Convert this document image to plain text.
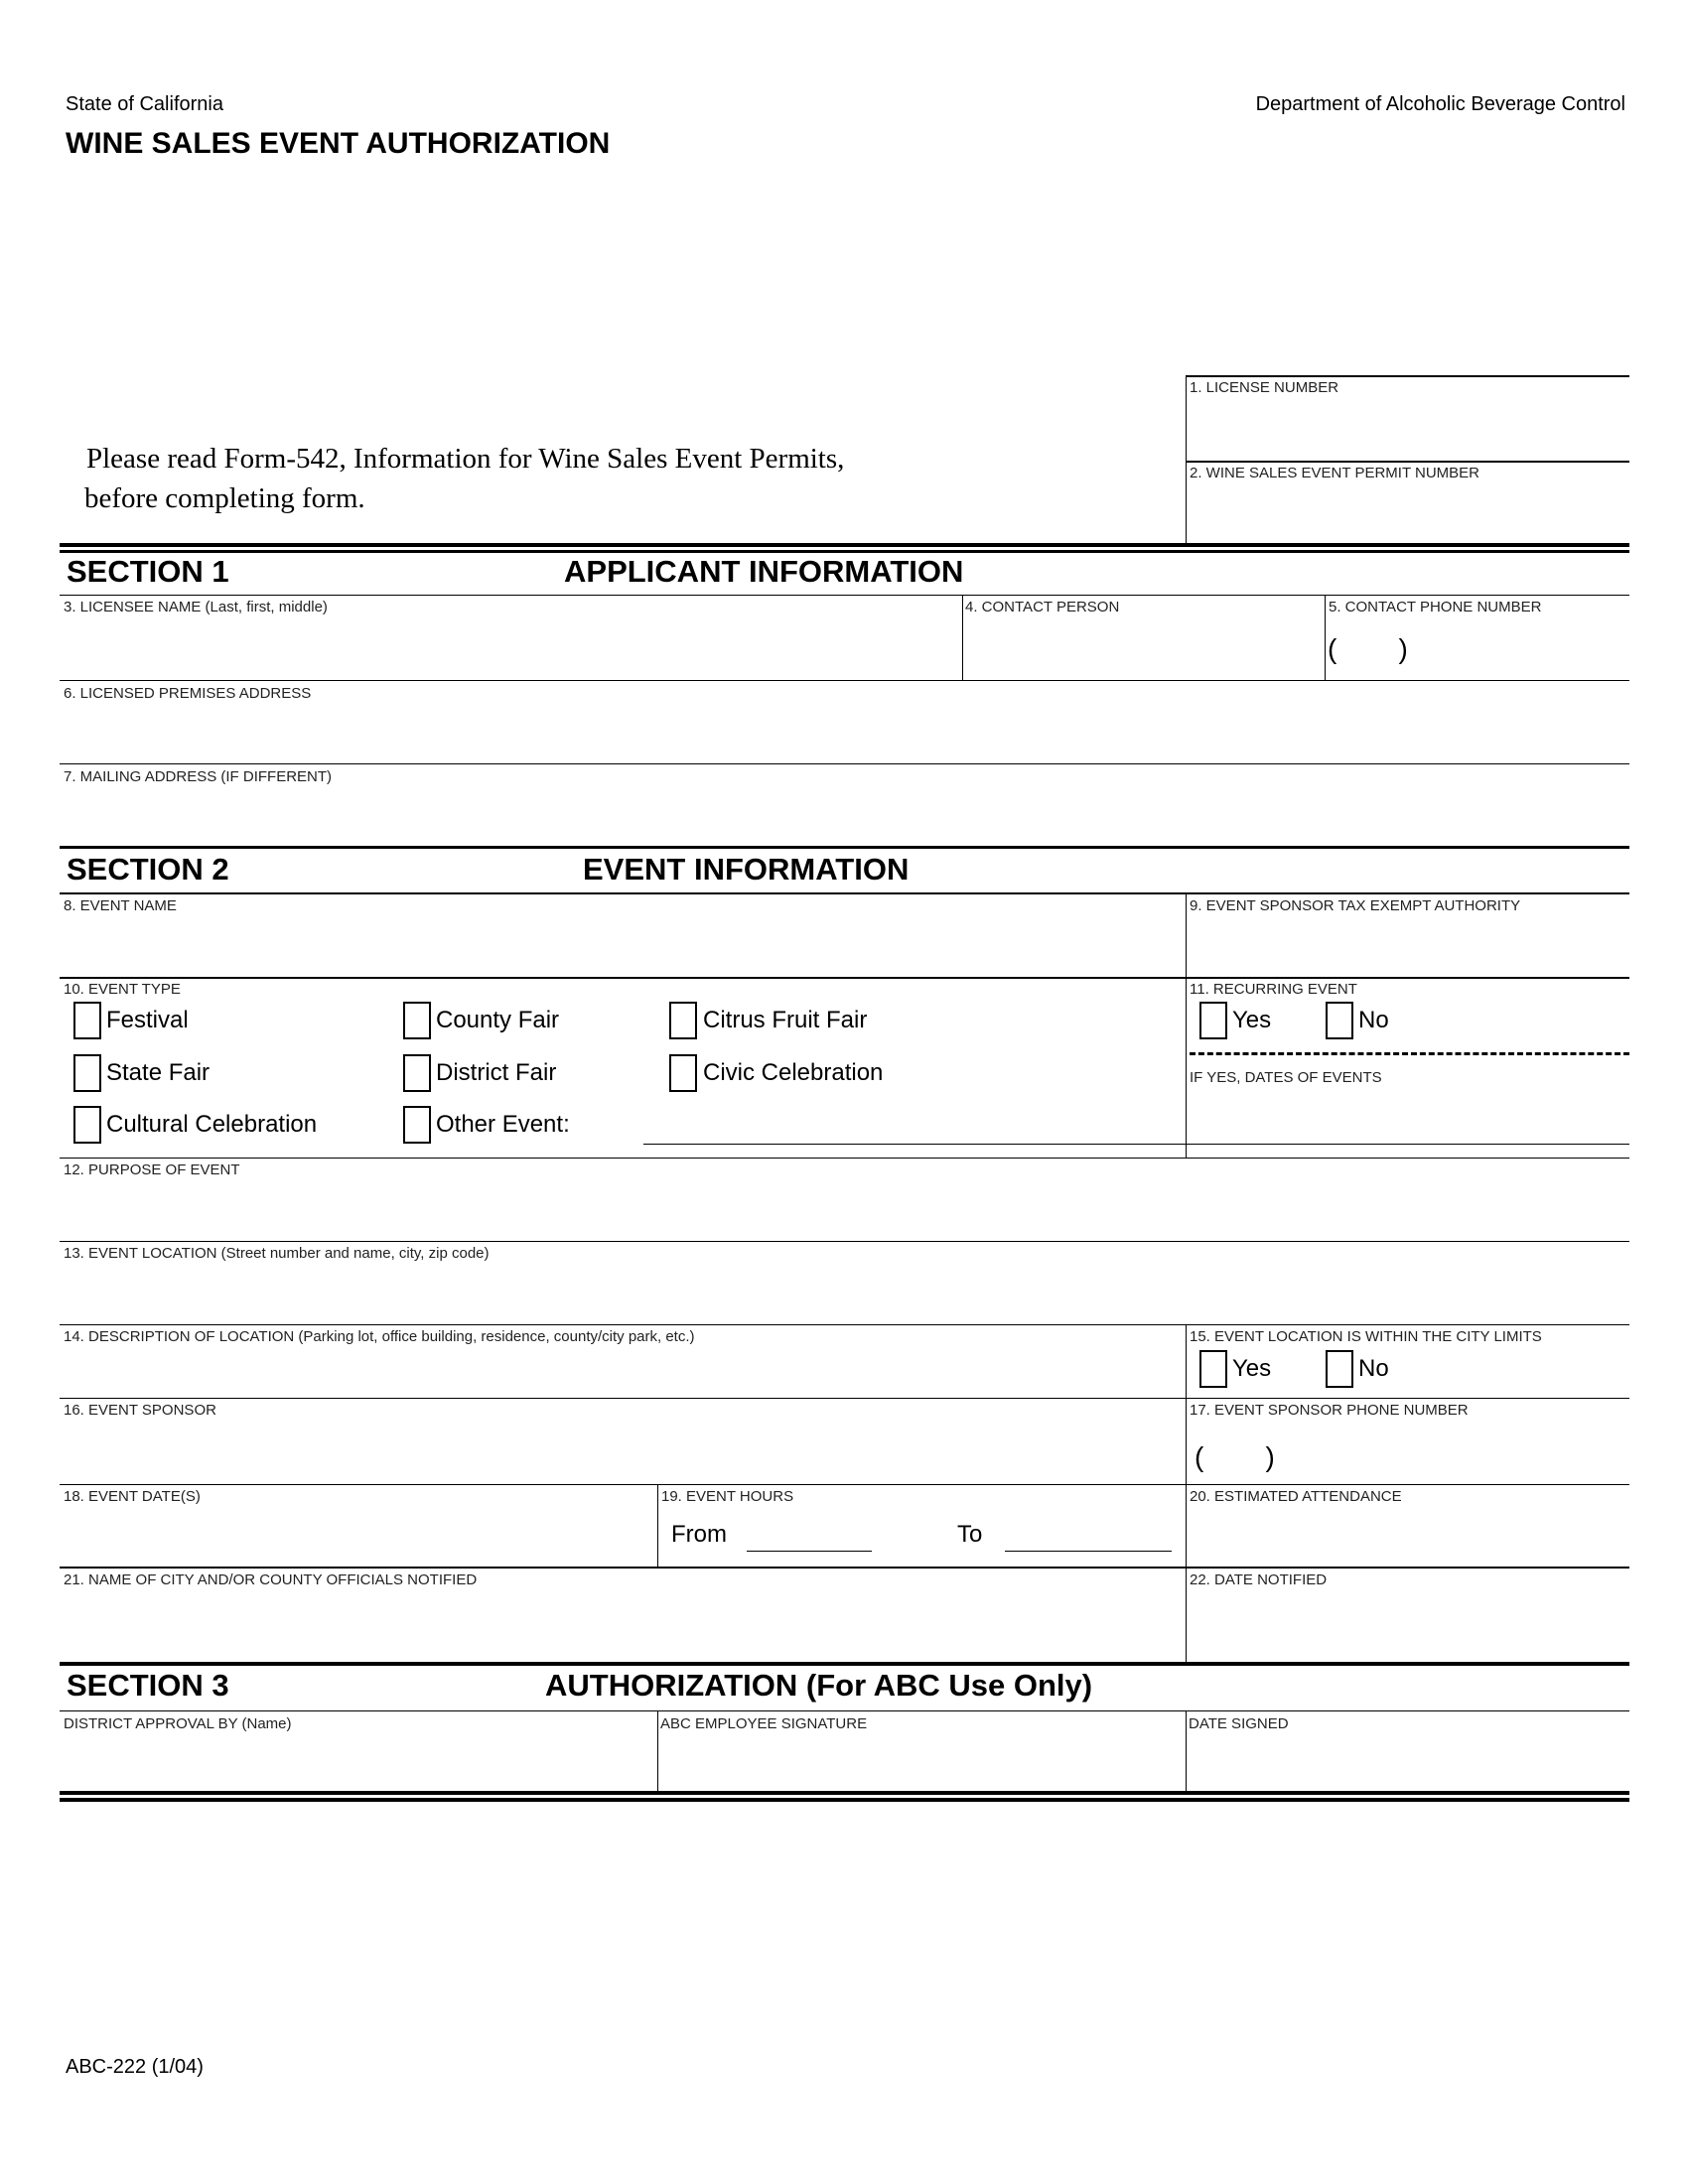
State of California	Department of Alcoholic Beverage Control
WINE SALES EVENT AUTHORIZATION
Please read Form-542, Information for Wine Sales Event Permits,
before completing form.
1. LICENSE NUMBER
2. WINE SALES EVENT PERMIT NUMBER
SECTION 1	APPLICANT INFORMATION
3. LICENSEE NAME (Last, first, middle)	4. CONTACT PERSON	5. CONTACT PHONE NUMBER
(        )
6. LICENSED PREMISES ADDRESS
7. MAILING ADDRESS (IF DIFFERENT)
SECTION 2	EVENT INFORMATION
8. EVENT NAME	9. EVENT SPONSOR TAX EXEMPT AUTHORITY
10. EVENT TYPE
Festival	County Fair	Citrus Fruit Fair
State Fair	District Fair	Civic Celebration
Cultural Celebration	Other Event:
11. RECURRING EVENT
Yes	No
IF YES, DATES OF EVENTS
12. PURPOSE OF EVENT
13. EVENT LOCATION (Street number and name, city, zip code)
14. DESCRIPTION OF LOCATION (Parking lot, office building, residence, county/city park, etc.)	15. EVENT LOCATION IS WITHIN THE CITY LIMITS
Yes	No
16. EVENT SPONSOR	17. EVENT SPONSOR PHONE NUMBER
(        )
18. EVENT DATE(S)	19. EVENT HOURS
From	To
20. ESTIMATED ATTENDANCE
21. NAME OF CITY AND/OR COUNTY OFFICIALS NOTIFIED	22. DATE NOTIFIED
SECTION 3	AUTHORIZATION (For ABC Use Only)
DISTRICT APPROVAL BY (Name)	ABC EMPLOYEE SIGNATURE	DATE SIGNED
ABC-222 (1/04)
